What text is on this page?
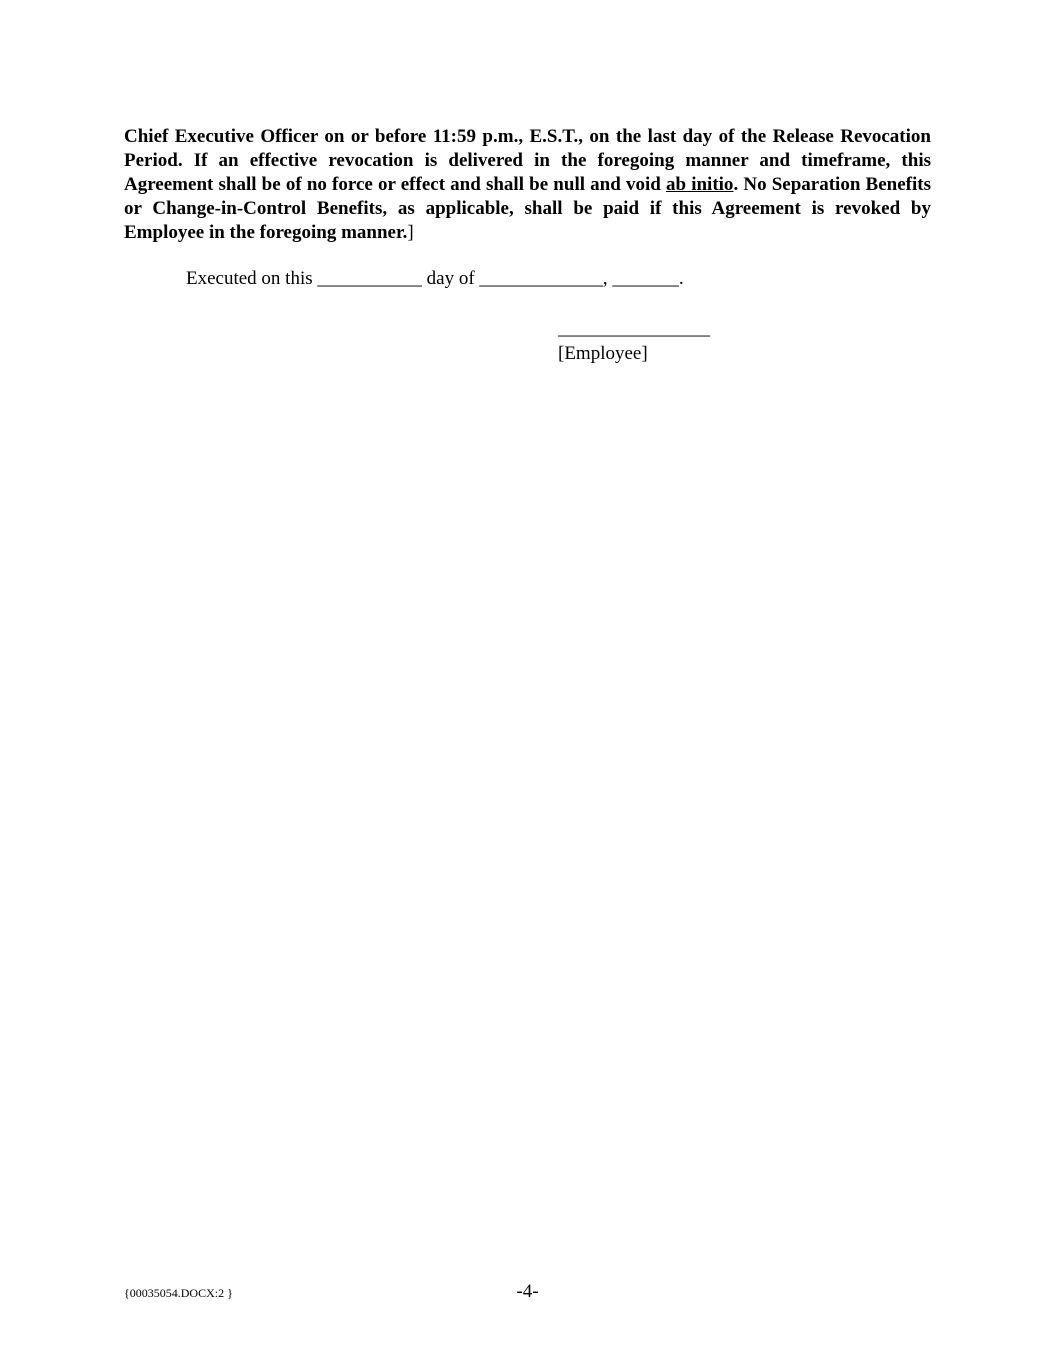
Chief Executive Officer on or before 11:59 p.m., E.S.T., on the last day of the Release Revocation Period. If an effective revocation is delivered in the foregoing manner and timeframe, this Agreement shall be of no force or effect and shall be null and void ab initio. No Separation Benefits or Change-in-Control Benefits, as applicable, shall be paid if this Agreement is revoked by Employee in the foregoing manner.]

Executed on this ___________ day of _____________, _______.
________________
[Employee]
{00035054.DOCX:2 }	-4-
